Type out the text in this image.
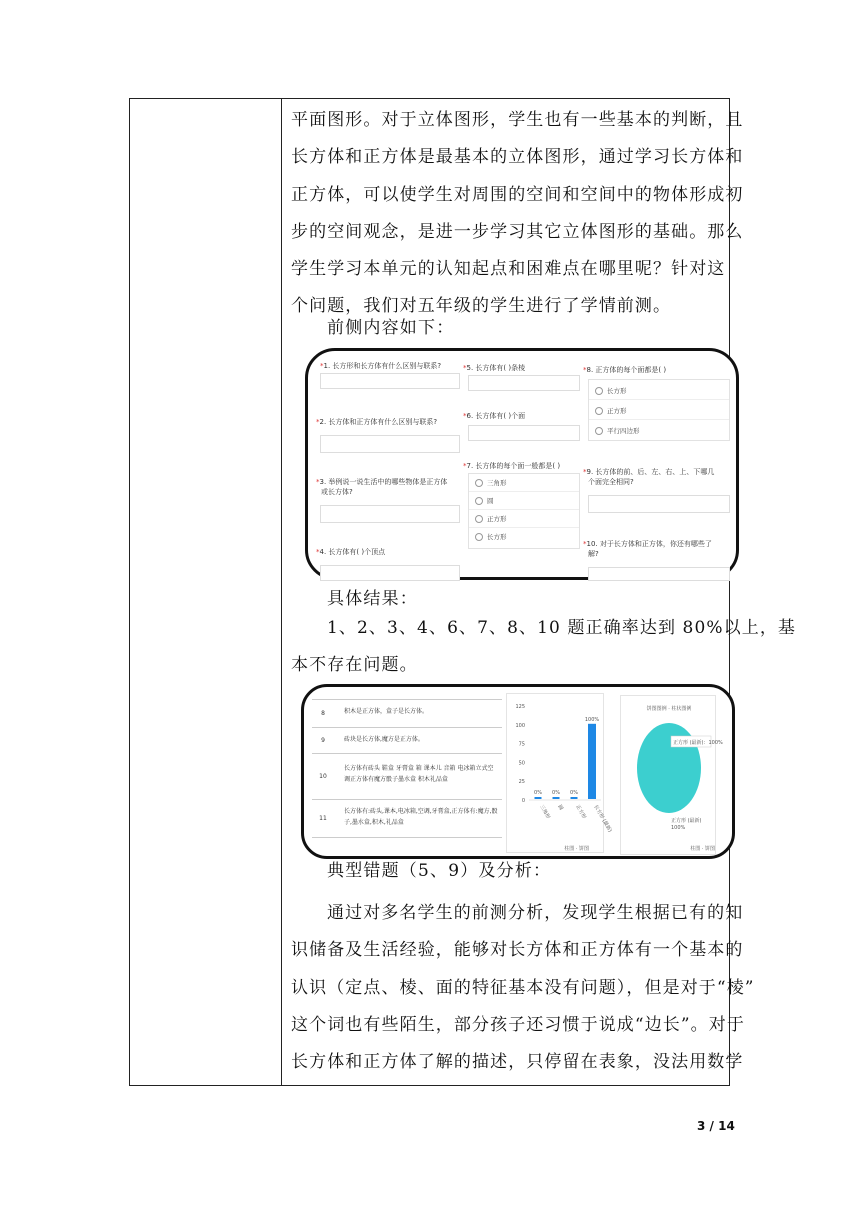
平面图形。对于立体图形，学生也有一些基本的判断，且
长方体和正方体是最基本的立体图形，通过学习长方体和
正方体，可以使学生对周围的空间和空间中的物体形成初
步的空间观念，是进一步学习其它立体图形的基础。那么
学生学习本单元的认知起点和困难点在哪里呢？针对这
个问题，我们对五年级的学生进行了学情前测。
前侧内容如下：
*1. 长方形和长方体有什么区别与联系?
*2. 长方体和正方体有什么区别与联系?
*3. 举例说一说生活中的哪些物体是正方体
或长方体?
*4. 长方体有( )个顶点
*5. 长方体有( )条棱
*6. 长方体有( )个面
*7. 长方体的每个面一般都是( )
三角形
圆
正方形
长方形
*8. 正方体的每个面都是( )
长方形
正方形
平行四边形
*9. 长方体的前、后、左、右、上、下哪几
个面完全相同?
*10. 对于长方体和正方体，你还有哪些了
解?
具体结果：
1、2、3、4、6、7、8、10 题正确率达到 80%以上，基
本不存在问题。
8	积木是正方体，盒子是长方体。
9	砖块是长方体,魔方是正方体。
10
长方体有砖头 鞋盒 牙膏盒 箱 课本儿 音箱 电冰箱立式空
调正方体有魔方骰子墨水盒 积木礼品盒
11
长方体有:砖头,课本,电冰箱,空调,牙膏盒,正方体有:魔方,骰
子,墨水盒,积木,礼品盒
0
25
50
75
100
125
0%
三角形
0%
圆
0%
正方形
100%
长方形 (最新)
柱图 · 饼图
饼图图例 · 柱状图例
正方形 (最新)：100%
正方形 (最新)
100%
柱图 · 饼图
典型错题（5、9）及分析：
通过对多名学生的前测分析，发现学生根据已有的知
识储备及生活经验，能够对长方体和正方体有一个基本的
认识（定点、棱、面的特征基本没有问题），但是对于“棱”
这个词也有些陌生，部分孩子还习惯于说成“边长”。对于
长方体和正方体了解的描述，只停留在表象，没法用数学
3 / 14
